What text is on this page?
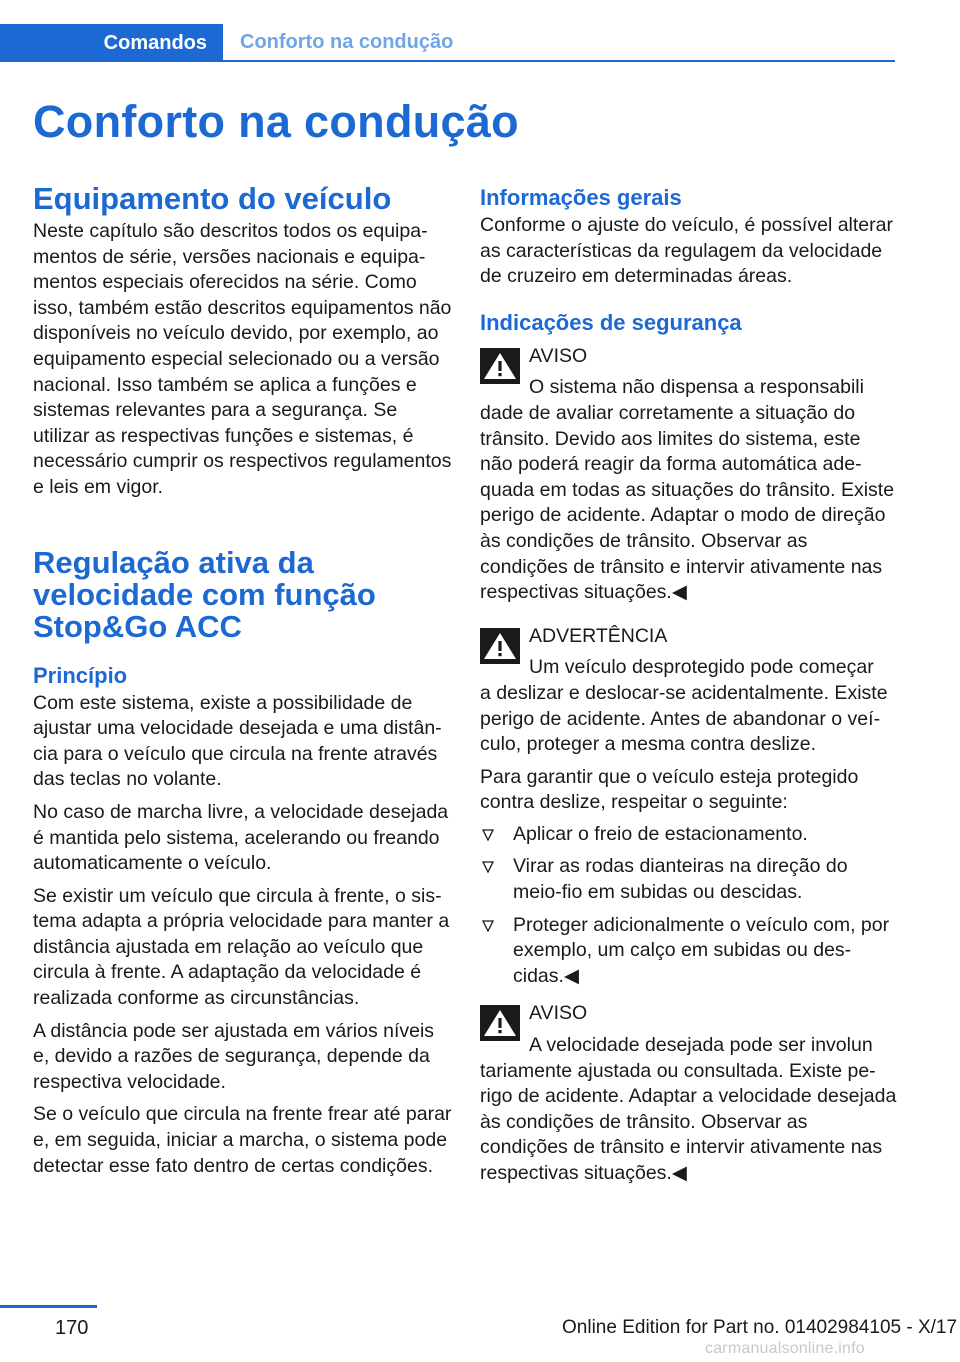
Comandos	Conforto na condução
Conforto na condução
Equipamento do veículo

Neste capítulo são descritos todos os equipamentos de série, versões nacionais e equipamentos especiais oferecidos na série. Como isso, também estão descritos equipamentos não disponíveis no veículo devido, por exemplo, ao equipamento especial selecionado ou a versão nacional. Isso também se aplica a funções e sistemas relevantes para a segurança. Se utilizar as respectivas funções e sistemas, é necessário cumprir os respectivos regulamentos e leis em vigor.

Regulação ativa da velocidade com função Stop&Go ACC
Princípio

Com este sistema, existe a possibilidade de ajustar uma velocidade desejada e uma distância para o veículo que circula na frente através das teclas no volante.

No caso de marcha livre, a velocidade desejada é mantida pelo sistema, acelerando ou freando automaticamente o veículo.

Se existir um veículo que circula à frente, o sistema adapta a própria velocidade para manter a distância ajustada em relação ao veículo que circula à frente. A adaptação da velocidade é realizada conforme as circunstâncias.

A distância pode ser ajustada em vários níveis e, devido a razões de segurança, depende da respectiva velocidade.

Se o veículo que circula na frente frear até parar e, em seguida, iniciar a marcha, o sistema pode detectar esse fato dentro de certas condições.

Informações gerais

Conforme o ajuste do veículo, é possível alterar as características da regulagem da velocidade de cruzeiro em determinadas áreas.

Indicações de segurança

AVISO

O sistema não dispensa a responsabili

dade de avaliar corretamente a situação do trânsito. Devido aos limites do sistema, este não poderá reagir da forma automática adequada em todas as situações do trânsito. Existe perigo de acidente. Adaptar o modo de direção às condições de trânsito. Observar as condições de trânsito e intervir ativamente nas respectivas situações.◀

ADVERTÊNCIA

Um veículo desprotegido pode começar

a deslizar e deslocar-se acidentalmente. Existe perigo de acidente. Antes de abandonar o veículo, proteger a mesma contra deslize.

Para garantir que o veículo esteja protegido contra deslize, respeitar o seguinte:

Aplicar o freio de estacionamento.
Virar as rodas dianteiras na direção do meio-fio em subidas ou descidas.
Proteger adicionalmente o veículo com, por exemplo, um calço em subidas ou descidas.◀

AVISO

A velocidade desejada pode ser involun

tariamente ajustada ou consultada. Existe perigo de acidente. Adaptar a velocidade desejada às condições de trânsito. Observar as condições de trânsito e intervir ativamente nas respectivas situações.◀

170	Online Edition for Part no. 01402984105 - X/17
carmanualsonline.info
